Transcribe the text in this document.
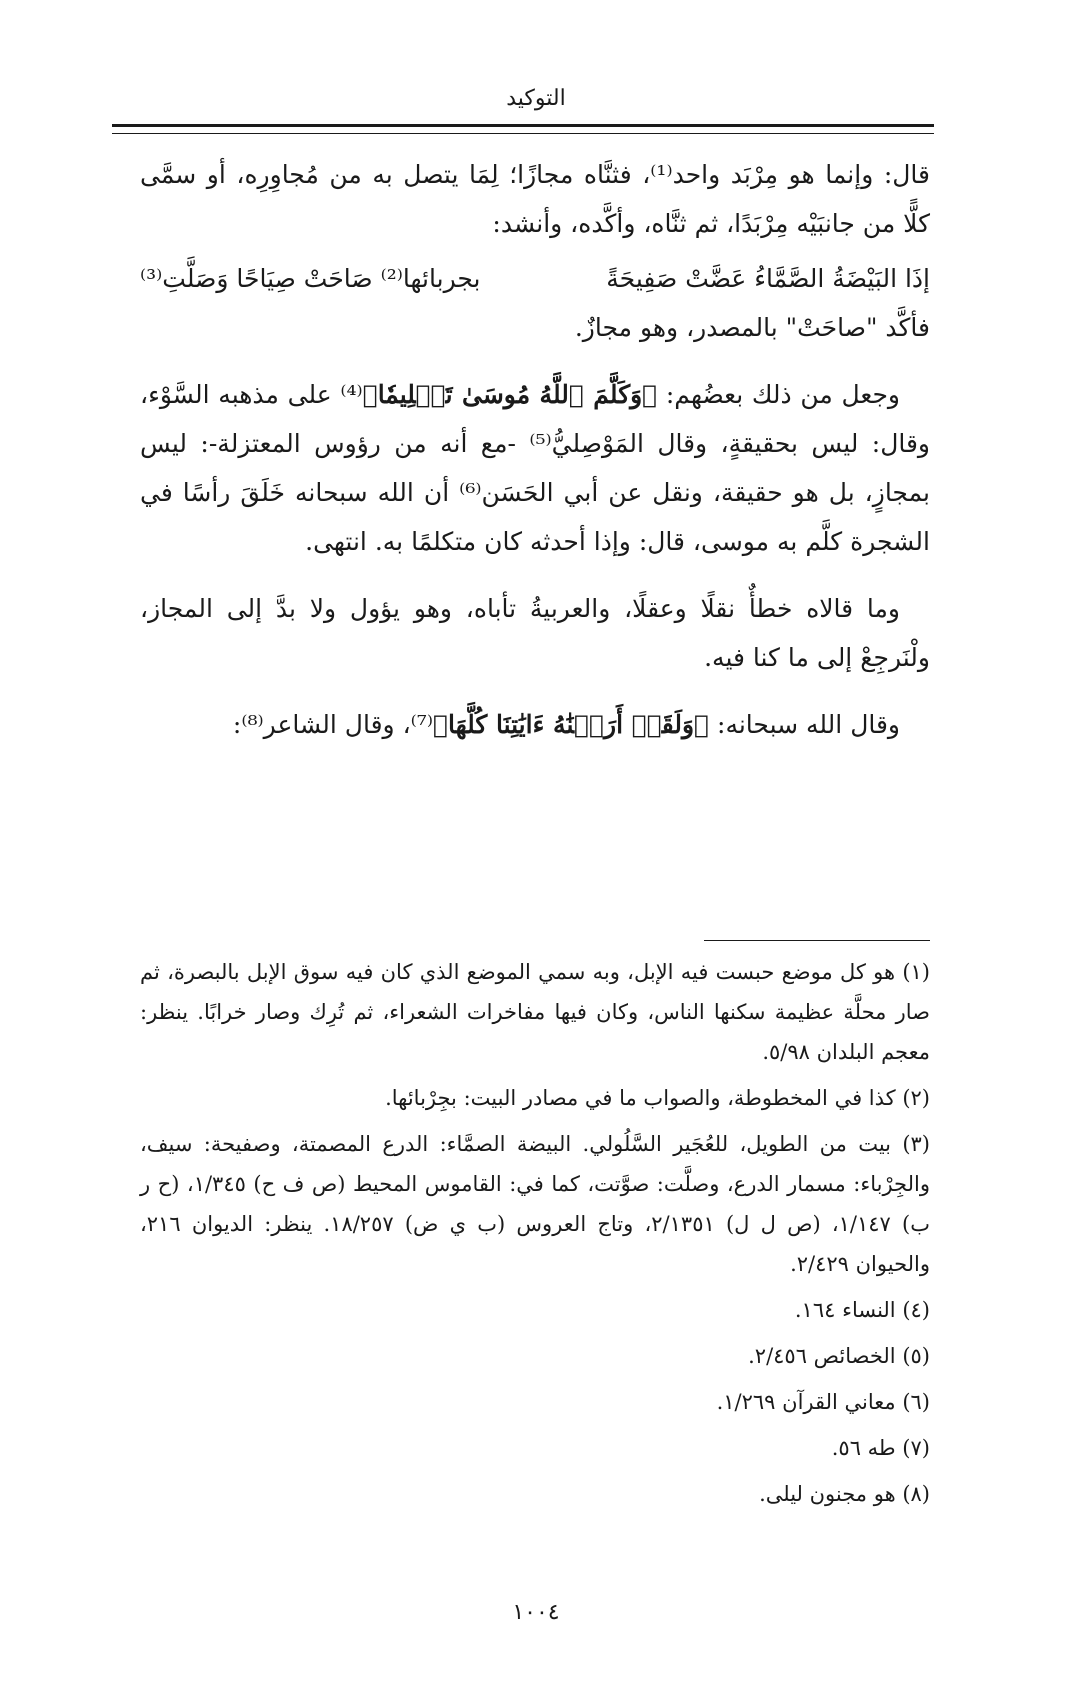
التوكيد

قال: وإنما هو مِرْبَد واحد⁽¹⁾، فثنَّاه مجازًا؛ لِمَا يتصل به من مُجاوِرِه، أو سمَّى كلًّا من جانبَيْه مِرْبَدًا، ثم ثنَّاه، وأكَّده، وأنشد:

إذَا البَيْضَةُ الصَّمَّاءُ عَضَّتْ صَفِيحَةً
بجربائها⁽²⁾ صَاحَتْ صِيَاحًا وَصَلَّتِ⁽³⁾

فأكَّد "صاحَتْ" بالمصدر، وهو مجازٌ.

وجعل من ذلك بعضُهم: ﴿وَكَلَّمَ ٱللَّهُ مُوسَىٰ تَكۡلِيمٗا﴾⁽⁴⁾ على مذهبه السَّوْء، وقال: ليس بحقيقةٍ، وقال المَوْصِليُّ⁽⁵⁾ -مع أنه من رؤوس المعتزلة-: ليس بمجازٍ، بل هو حقيقة، ونقل عن أبي الحَسَن⁽⁶⁾ أن الله سبحانه خَلَقَ رأسًا في الشجرة كلَّم به موسى، قال: وإذا أحدثه كان متكلمًا به. انتهى.

وما قالاه خطأٌ نقلًا وعقلًا، والعربيةُ تأباه، وهو يؤول ولا بدَّ إلى المجاز، ولْنَرجِعْ إلى ما كنا فيه.

وقال الله سبحانه: ﴿وَلَقَدۡ أَرَيۡنَٰهُ ءَايَٰتِنَا كُلَّهَا﴾⁽⁷⁾، وقال الشاعر⁽⁸⁾:

(١) هو كل موضع حبست فيه الإبل، وبه سمي الموضع الذي كان فيه سوق الإبل بالبصرة، ثم صار محلَّة عظيمة سكنها الناس، وكان فيها مفاخرات الشعراء، ثم تُرِك وصار خرابًا. ينظر: معجم البلدان ٥/٩٨.

(٢) كذا في المخطوطة، والصواب ما في مصادر البيت: بجِرْبائها.

(٣) بيت من الطويل، للعُجَير السَّلُولي. البيضة الصمَّاء: الدرع المصمتة، وصفيحة: سيف، والجِرْباء: مسمار الدرع، وصلَّت: صوَّتت، كما في: القاموس المحيط (ص ف ح) ١/٣٤٥، (ح ر ب) ١/١٤٧، (ص ل ل) ٢/١٣٥١، وتاج العروس (ب ي ض) ١٨/٢٥٧. ينظر: الديوان ٢١٦، والحيوان ٢/٤٢٩.

(٤) النساء ١٦٤.

(٥) الخصائص ٢/٤٥٦.

(٦) معاني القرآن ١/٢٦٩.

(٧) طه ٥٦.

(٨) هو مجنون ليلى.

١٠٠٤
